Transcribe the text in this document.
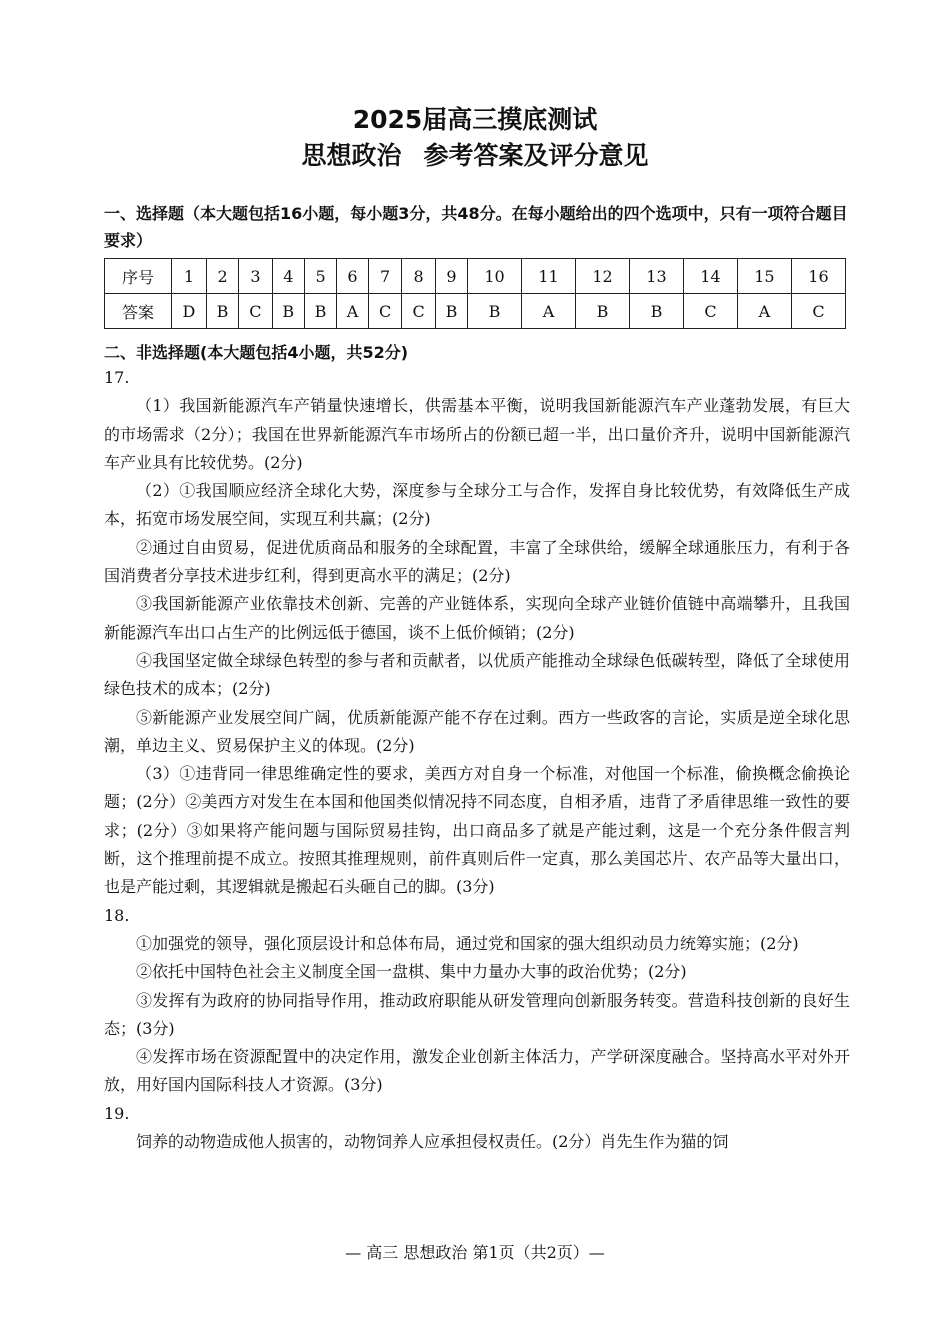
2025届高三摸底测试
思想政治 参考答案及评分意见
一、选择题（本大题包括16小题，每小题3分，共48分。在每小题给出的四个选项中，只有一项符合题目要求）
序号	1	2	3	4	5	6	7	8	9	10	11	12	13	14	15	16
答案	D	B	C	B	B	A	C	C	B	B	A	B	B	C	A	C
二、非选择题(本大题包括4小题，共52分)

17.

（1）我国新能源汽车产销量快速增长，供需基本平衡，说明我国新能源汽车产业蓬勃发展，有巨大的市场需求（2分）；我国在世界新能源汽车市场所占的份额已超一半，出口量价齐升，说明中国新能源汽车产业具有比较优势。(2分)

（2）①我国顺应经济全球化大势，深度参与全球分工与合作，发挥自身比较优势，有效降低生产成本，拓宽市场发展空间，实现互利共赢；(2分)

②通过自由贸易，促进优质商品和服务的全球配置，丰富了全球供给，缓解全球通胀压力，有利于各国消费者分享技术进步红利，得到更高水平的满足；(2分)

③我国新能源产业依靠技术创新、完善的产业链体系，实现向全球产业链价值链中高端攀升，且我国新能源汽车出口占生产的比例远低于德国，谈不上低价倾销；(2分)

④我国坚定做全球绿色转型的参与者和贡献者，以优质产能推动全球绿色低碳转型，降低了全球使用绿色技术的成本；(2分)

⑤新能源产业发展空间广阔，优质新能源产能不存在过剩。西方一些政客的言论，实质是逆全球化思潮，单边主义、贸易保护主义的体现。(2分)

（3）①违背同一律思维确定性的要求，美西方对自身一个标准，对他国一个标准，偷换概念偷换论题；(2分）②美西方对发生在本国和他国类似情况持不同态度，自相矛盾，违背了矛盾律思维一致性的要求；(2分）③如果将产能问题与国际贸易挂钩，出口商品多了就是产能过剩，这是一个充分条件假言判断，这个推理前提不成立。按照其推理规则，前件真则后件一定真，那么美国芯片、农产品等大量出口，也是产能过剩，其逻辑就是搬起石头砸自己的脚。(3分)

18.

①加强党的领导，强化顶层设计和总体布局，通过党和国家的强大组织动员力统筹实施；(2分)

②依托中国特色社会主义制度全国一盘棋、集中力量办大事的政治优势；(2分)

③发挥有为政府的协同指导作用，推动政府职能从研发管理向创新服务转变。营造科技创新的良好生态；(3分)

④发挥市场在资源配置中的决定作用，激发企业创新主体活力，产学研深度融合。坚持高水平对外开放，用好国内国际科技人才资源。(3分)

19.

饲养的动物造成他人损害的，动物饲养人应承担侵权责任。(2分）肖先生作为猫的饲

— 高三 思想政治 第1页（共2页）—
